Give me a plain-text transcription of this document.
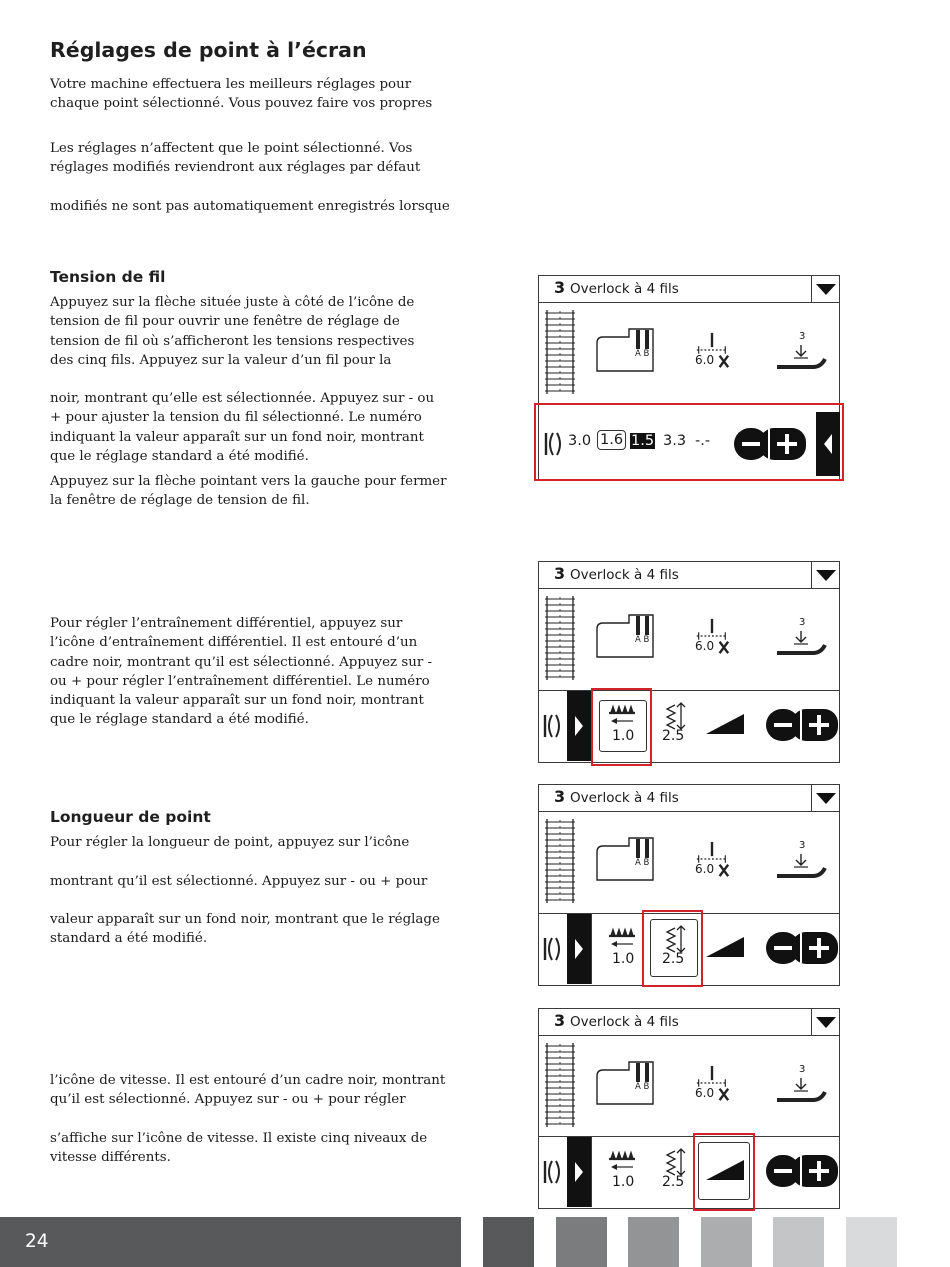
Réglages de point à l’écran

Votre machine effectuera les meilleurs réglages pour
chaque point sélectionné. Vous pouvez faire vos propres

Les réglages n’affectent que le point sélectionné. Vos
réglages modifiés reviendront aux réglages par défaut

modifiés ne sont pas automatiquement enregistrés lorsque

Tension de fil

Appuyez sur la flèche située juste à côté de l’icône de
tension de fil pour ouvrir une fenêtre de réglage de
tension de fil où s’afficheront les tensions respectives
des cinq fils. Appuyez sur la valeur d’un fil pour la

noir, montrant qu’elle est sélectionnée. Appuyez sur - ou
+ pour ajuster la tension du fil sélectionné. Le numéro
indiquant la valeur apparaît sur un fond noir, montrant
que le réglage standard a été modifié.

Appuyez sur la flèche pointant vers la gauche pour fermer
la fenêtre de réglage de tension de fil.

Pour régler l’entraînement différentiel, appuyez sur
l’icône d’entraînement différentiel. Il est entouré d’un
cadre noir, montrant qu’il est sélectionné. Appuyez sur -
ou + pour régler l’entraînement différentiel. Le numéro
indiquant la valeur apparaît sur un fond noir, montrant
que le réglage standard a été modifié.

Longueur de point

Pour régler la longueur de point, appuyez sur l’icône

montrant qu’il est sélectionné. Appuyez sur - ou + pour

valeur apparaît sur un fond noir, montrant que le réglage
standard a été modifié.

l’icône de vitesse. Il est entouré d’un cadre noir, montrant
qu’il est sélectionné. Appuyez sur - ou + pour régler

s’affiche sur l’icône de vitesse. Il existe cinq niveaux de
vitesse différents.

3 Overlock à 4 fils
A B	6.0
3
3.0 1.6 1.5 3.3 -.-
3 Overlock à 4 fils
A B	6.0
3
1.0 2.5
3 Overlock à 4 fils
A B	6.0
3
1.0 2.5
3 Overlock à 4 fils
A B	6.0
3
1.0 2.5
24
